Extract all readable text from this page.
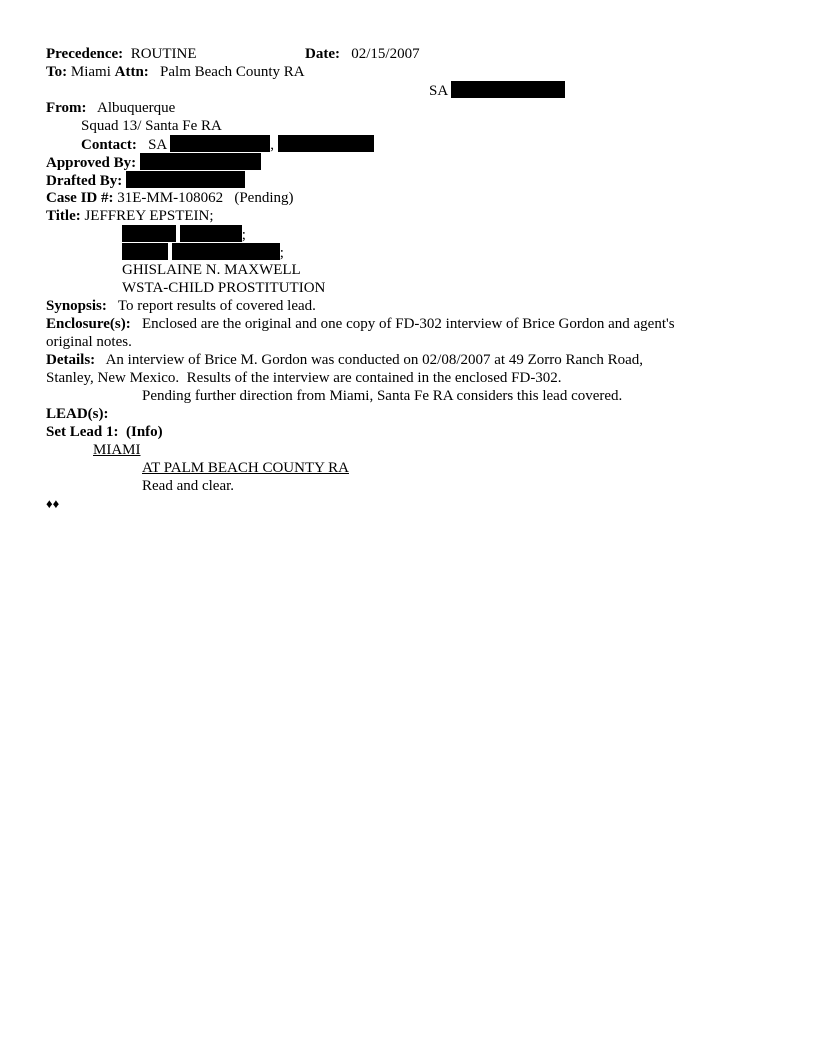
Precedence: ROUTINE	Date: 02/15/2007
To: Miami Attn: Palm Beach County RA
SA
From: Albuquerque
Squad 13/ Santa Fe RA
Contact: SA	,
Approved By:
Drafted By:
Case ID #: 31E-MM-108062 (Pending)
Title: JEFFREY EPSTEIN;
;
;
GHISLAINE N. MAXWELL
WSTA-CHILD PROSTITUTION
Synopsis: To report results of covered lead.
Enclosure(s): Enclosed are the original and one copy of FD-302 interview of Brice Gordon and agent's
original notes.
Details: An interview of Brice M. Gordon was conducted on 02/08/2007 at 49 Zorro Ranch Road,
Stanley, New Mexico.  Results of the interview are contained in the enclosed FD-302.
Pending further direction from Miami, Santa Fe RA considers this lead covered.
LEAD(s):
Set Lead 1:  (Info)
MIAMI
AT PALM BEACH COUNTY RA
Read and clear.
♦♦
